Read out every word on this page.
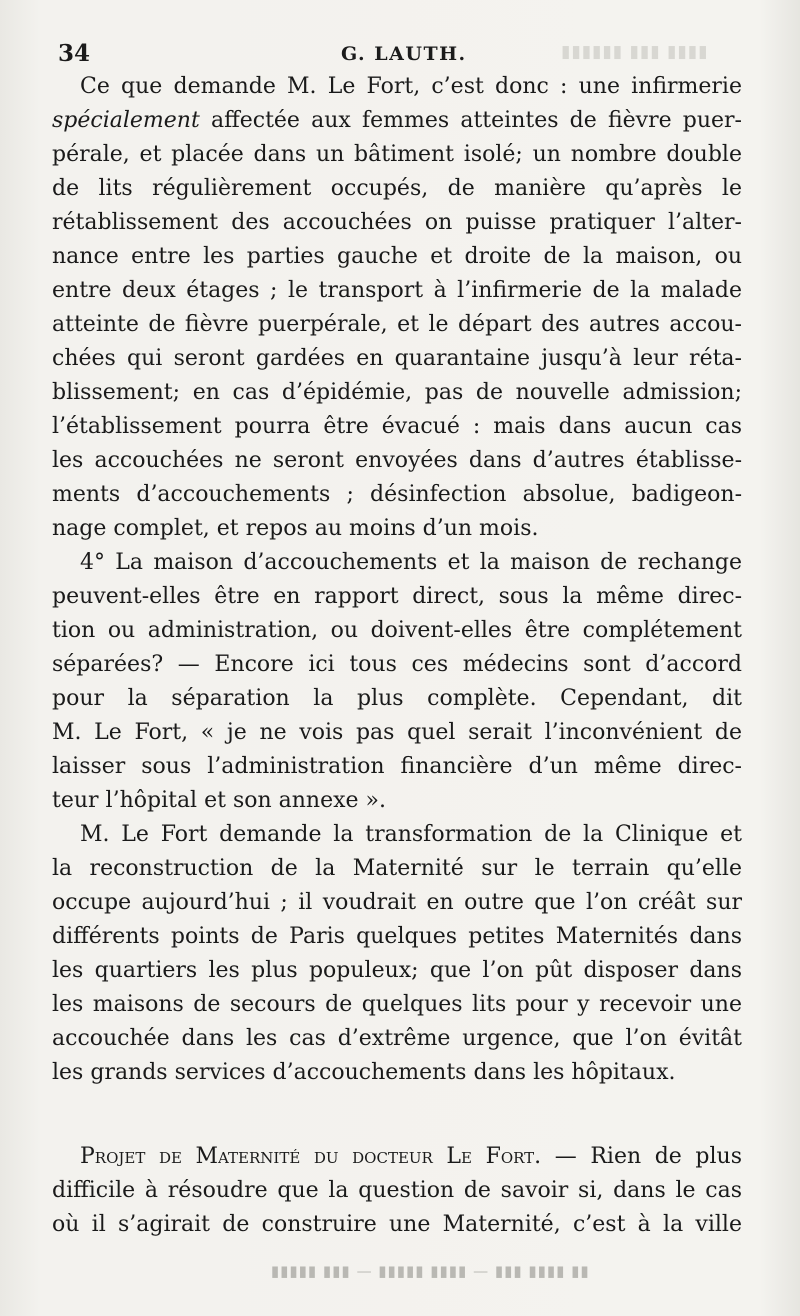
▮▮▮▮ ▮▮▮ ▮▮▮▮▮▮
34	G. LAUTH.
Ce que demande M. Le Fort, c’est donc : une infirmerie
spécialement affectée aux femmes atteintes de fièvre puer-
pérale, et placée dans un bâtiment isolé; un nombre double
de lits régulièrement occupés, de manière qu’après le
rétablissement des accouchées on puisse pratiquer l’alter-
nance entre les parties gauche et droite de la maison, ou
entre deux étages ; le transport à l’infirmerie de la malade
atteinte de fièvre puerpérale, et le départ des autres accou-
chées qui seront gardées en quarantaine jusqu’à leur réta-
blissement; en cas d’épidémie, pas de nouvelle admission;
l’établissement pourra être évacué : mais dans aucun cas
les accouchées ne seront envoyées dans d’autres établisse-
ments d’accouchements ; désinfection absolue, badigeon-
nage complet, et repos au moins d’un mois.
4° La maison d’accouchements et la maison de rechange
peuvent-elles être en rapport direct, sous la même direc-
tion ou administration, ou doivent-elles être complétement
séparées? — Encore ici tous ces médecins sont d’accord
pour la séparation la plus complète. Cependant, dit
M. Le Fort, « je ne vois pas quel serait l’inconvénient de
laisser sous l’administration financière d’un même direc-
teur l’hôpital et son annexe ».
M. Le Fort demande la transformation de la Clinique et
la reconstruction de la Maternité sur le terrain qu’elle
occupe aujourd’hui ; il voudrait en outre que l’on créât sur
différents points de Paris quelques petites Maternités dans
les quartiers les plus populeux; que l’on pût disposer dans
les maisons de secours de quelques lits pour y recevoir une
accouchée dans les cas d’extrême urgence, que l’on évitât
les grands services d’accouchements dans les hôpitaux.
Projet de Maternité du docteur Le Fort. — Rien de plus
difficile à résoudre que la question de savoir si, dans le cas
où il s’agirait de construire une Maternité, c’est à la ville
▮▮ ▮▮▮▮ ▮▮▮ — ▮▮▮▮ ▮▮▮▮▮ — ▮▮▮ ▮▮▮▮▮
